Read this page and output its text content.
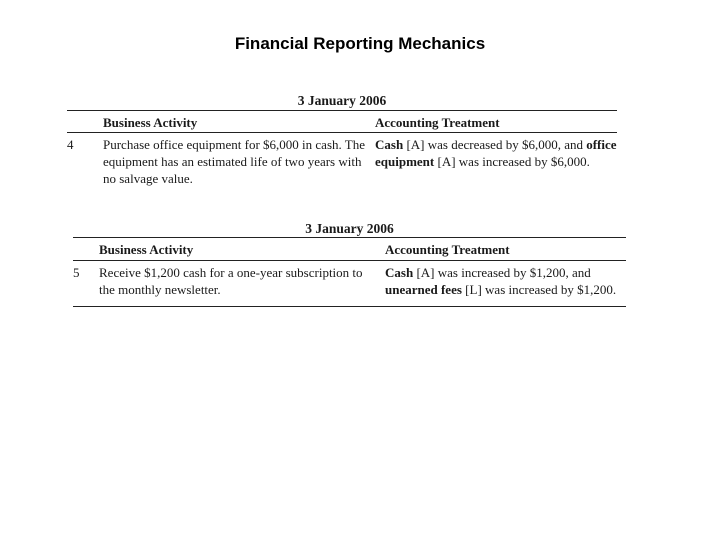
Financial Reporting Mechanics
3 January 2006
Business Activity	Accounting Treatment
4 Purchase office equipment for $6,000 in cash. The equipment has an estimated life of two years with no salvage value.
Cash [A] was decreased by $6,000, and office equipment [A] was increased by $6,000.
3 January 2006
Business Activity	Accounting Treatment
5 Receive $1,200 cash for a one-year subscription to the monthly newsletter.
Cash [A] was increased by $1,200, and unearned fees [L] was increased by $1,200.
